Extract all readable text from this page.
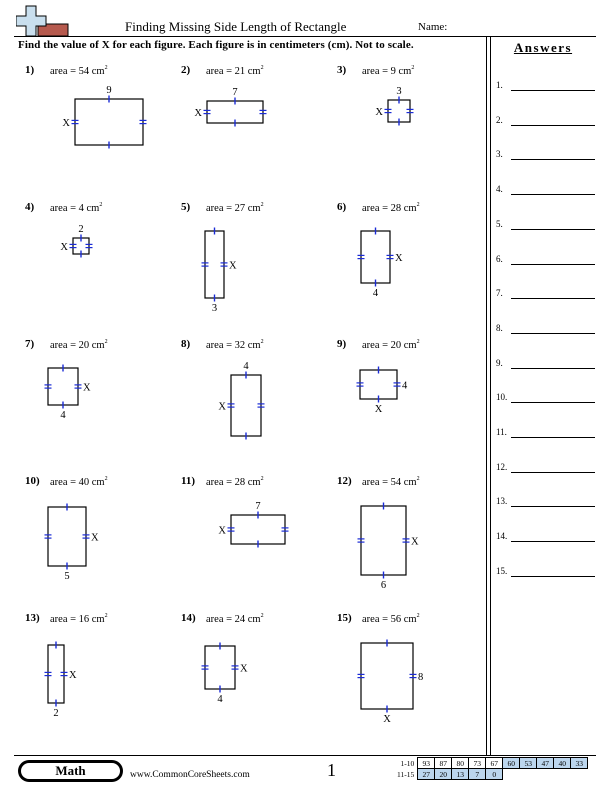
Finding Missing Side Length of Rectangle	Name:
Find the value of X for each figure. Each figure is in centimeters (cm). Not to scale.	Answers
1.
2.
3.
4.
5.
6.
7.
8.
9.
10.
11.
12.
13.
14.
15.
1) area = 54 $cm^2$
9
X
2) area = 21 $cm^2$
7
X
3) area = 9 $cm^2$
3
X
4) area = 4 $cm^2$
2
X
5) area = 27 $cm^2$
X
3
6) area = 28 $cm^2$
X
4
7) area = 20 $cm^2$
X
4
8) area = 32 $cm^2$
4
X
9) area = 20 $cm^2$
4
X
10) area = 40 $cm^2$
X
5
11) area = 28 $cm^2$
7
X
12) area = 54 $cm^2$
X
6
13) area = 16 $cm^2$
X
2
14) area = 24 $cm^2$
X
4
15) area = 56 $cm^2$
8
X
Math	www.CommonCoreSheets.com	1	1-10	93	87	80	73	67	60	53	47	40	33
11-15	27	20	13	7	0					
